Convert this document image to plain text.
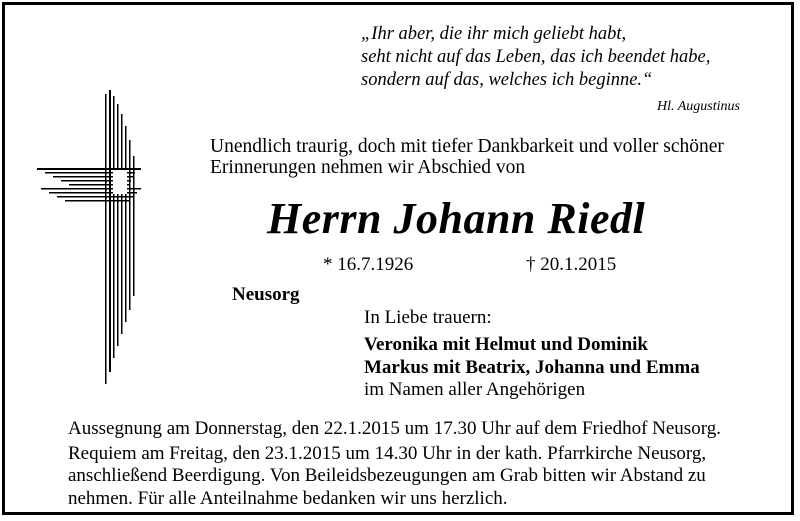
„Ihr aber, die ihr mich geliebt habt,
seht nicht auf das Leben, das ich beendet habe,
sondern auf das, welches ich beginne.“
Hl. Augustinus
Unendlich traurig, doch mit tiefer Dankbarkeit und voller schöner
Erinnerungen nehmen wir Abschied von
Herrn Johann Riedl
* 16.7.1926	† 20.1.2015
Neusorg
In Liebe trauern:
Veronika mit Helmut und Dominik
Markus mit Beatrix, Johanna und Emma
im Namen aller Angehörigen
Aussegnung am Donnerstag, den 22.1.2015 um 17.30 Uhr auf dem Friedhof Neusorg.
Requiem am Freitag, den 23.1.2015 um 14.30 Uhr in der kath. Pfarrkirche Neusorg,
anschließend Beerdigung. Von Beileidsbezeugungen am Grab bitten wir Abstand zu
nehmen. Für alle Anteilnahme bedanken wir uns herzlich.
